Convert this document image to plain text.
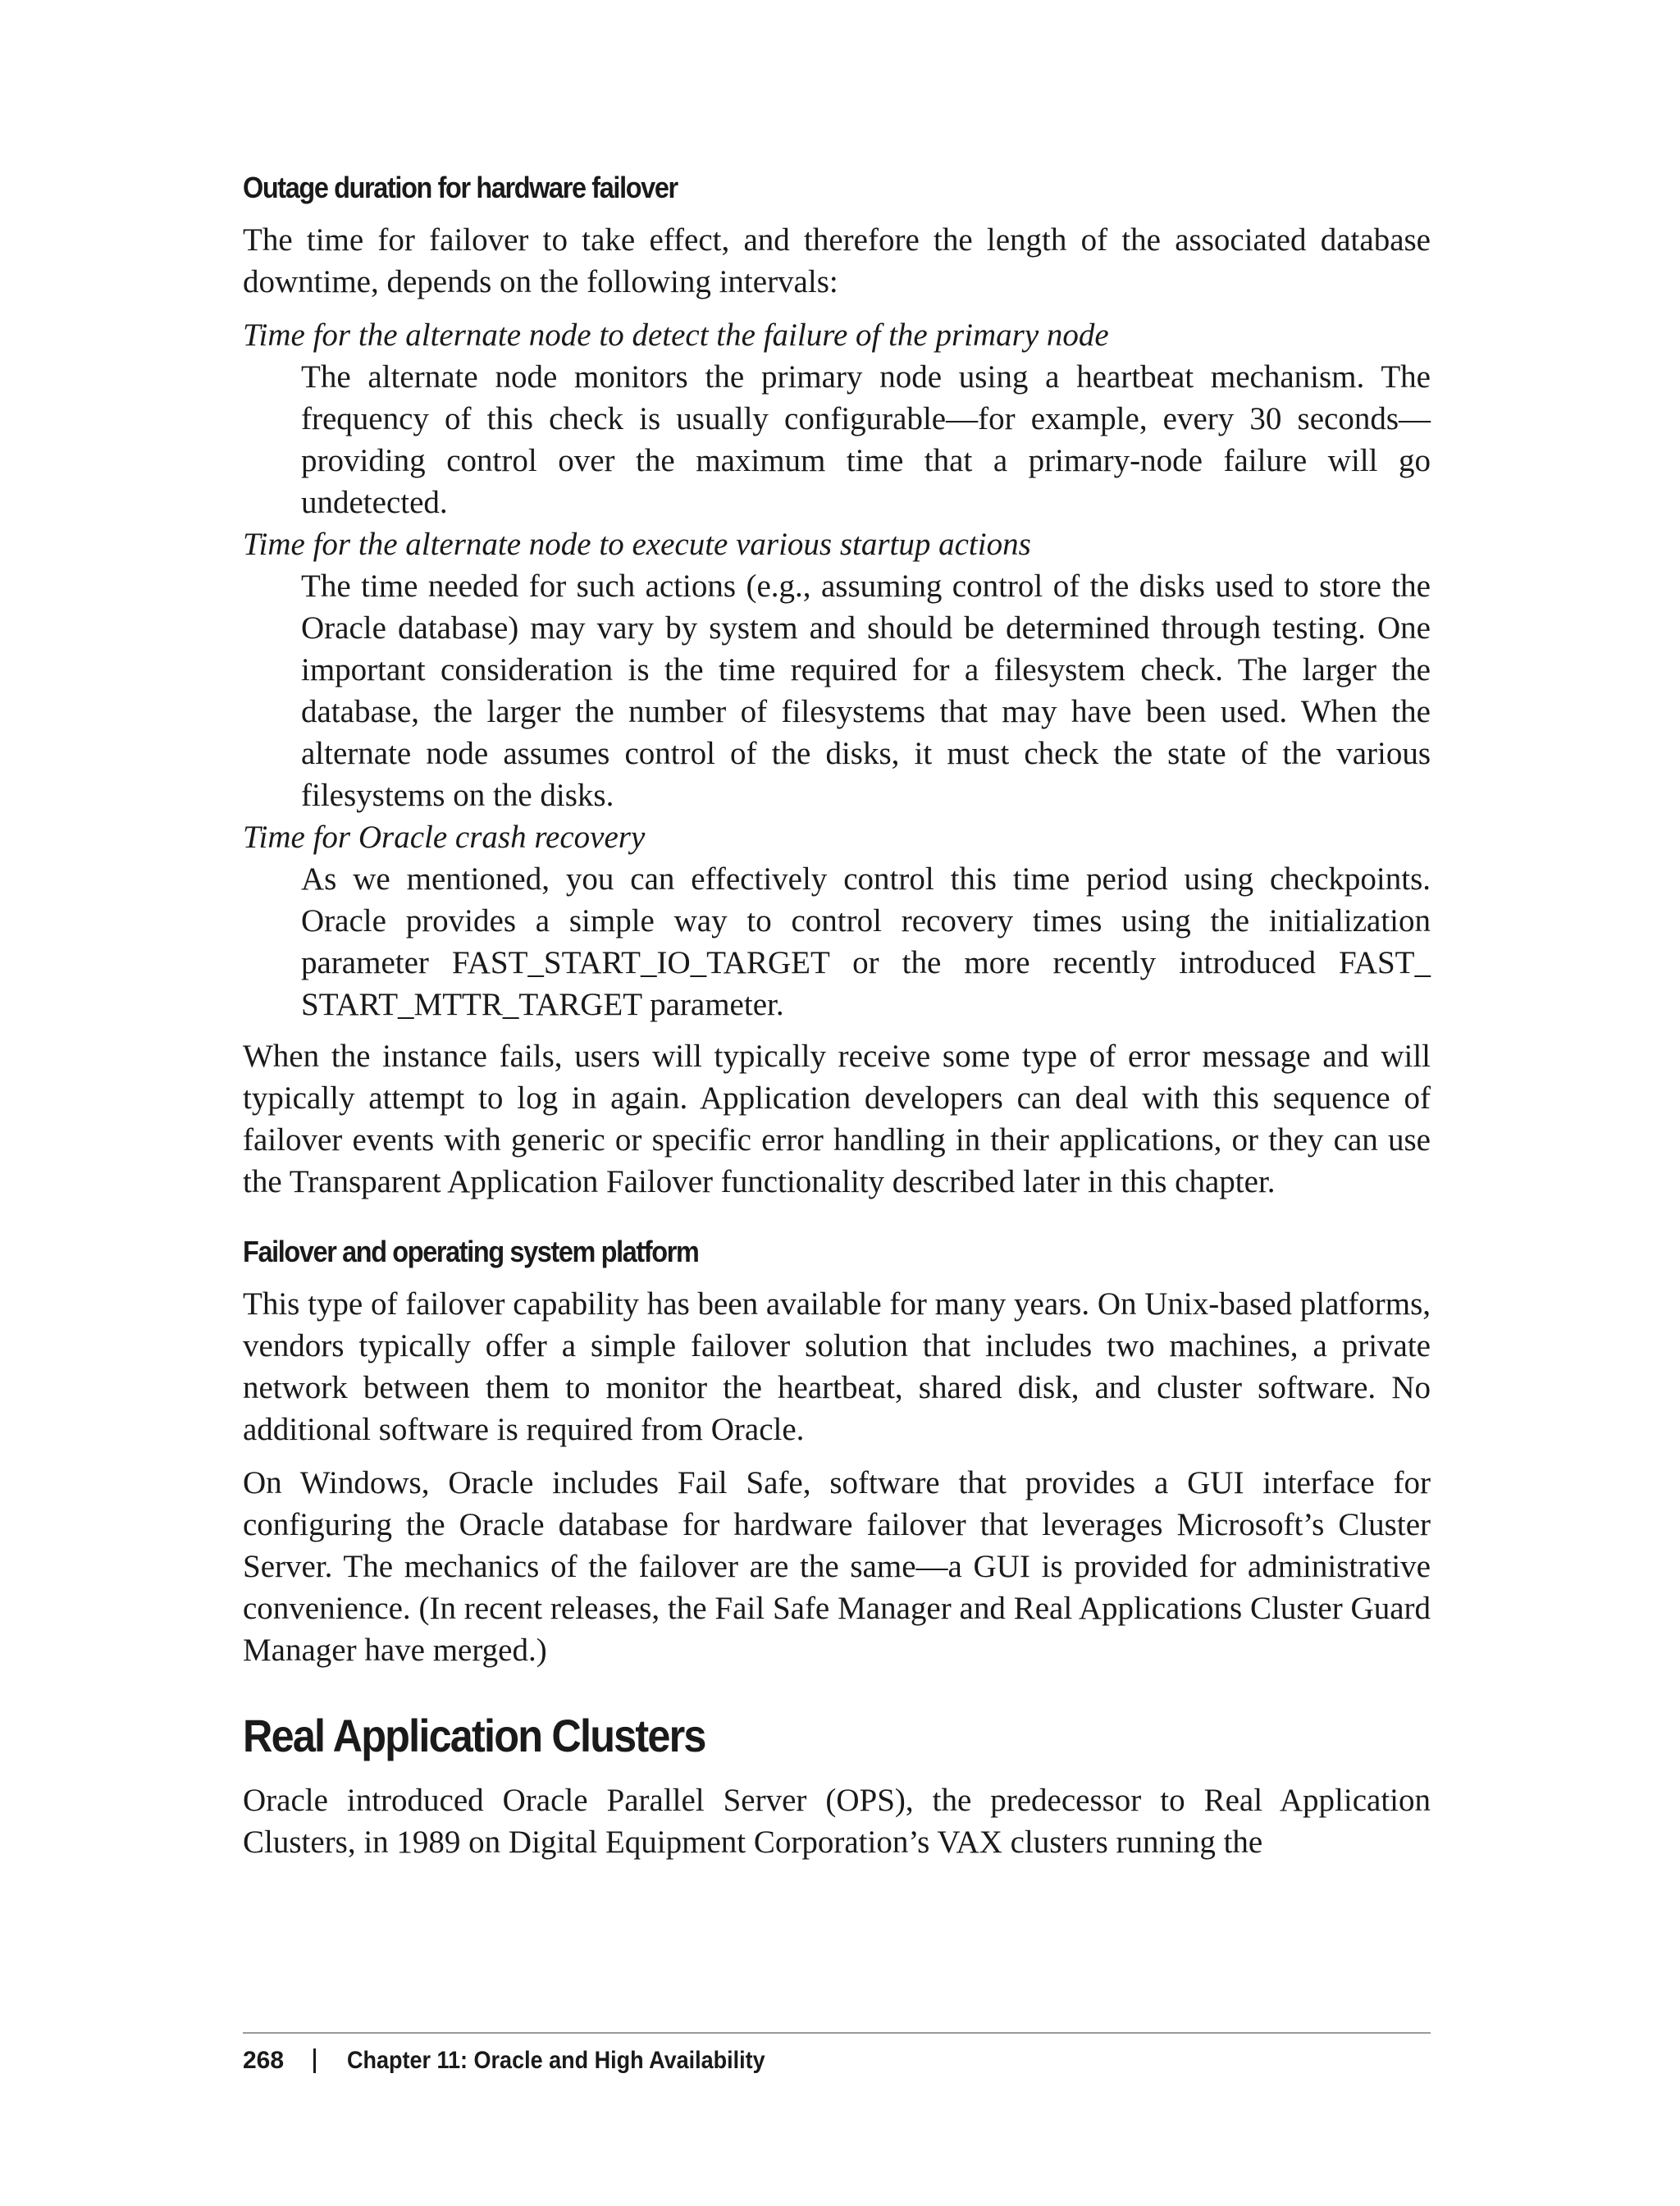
Outage duration for hardware failover

The time for failover to take effect, and therefore the length of the associated database downtime, depends on the following intervals:

Time for the alternate node to detect the failure of the primary node
The alternate node monitors the primary node using a heartbeat mechanism. The frequency of this check is usually configurable—for example, every 30 seconds—providing control over the maximum time that a primary-node failure will go undetected.
Time for the alternate node to execute various startup actions
The time needed for such actions (e.g., assuming control of the disks used to store the Oracle database) may vary by system and should be determined through testing. One important consideration is the time required for a filesystem check. The larger the database, the larger the number of filesystems that may have been used. When the alternate node assumes control of the disks, it must check the state of the various filesystems on the disks.
Time for Oracle crash recovery
As we mentioned, you can effectively control this time period using checkpoints. Oracle provides a simple way to control recovery times using the initialization parameter FAST_START_IO_TARGET or the more recently introduced FAST_ START_MTTR_TARGET parameter.

When the instance fails, users will typically receive some type of error message and will typically attempt to log in again. Application developers can deal with this sequence of failover events with generic or specific error handling in their applications, or they can use the Transparent Application Failover functionality described later in this chapter.

Failover and operating system platform

This type of failover capability has been available for many years. On Unix-based platforms, vendors typically offer a simple failover solution that includes two machines, a private network between them to monitor the heartbeat, shared disk, and cluster software. No additional software is required from Oracle.

On Windows, Oracle includes Fail Safe, software that provides a GUI interface for configuring the Oracle database for hardware failover that leverages Microsoft’s Cluster Server. The mechanics of the failover are the same—a GUI is provided for administrative convenience. (In recent releases, the Fail Safe Manager and Real Applications Cluster Guard Manager have merged.)

Real Application Clusters

Oracle introduced Oracle Parallel Server (OPS), the predecessor to Real Application Clusters, in 1989 on Digital Equipment Corporation’s VAX clusters running the

268	Chapter 11: Oracle and High Availability
